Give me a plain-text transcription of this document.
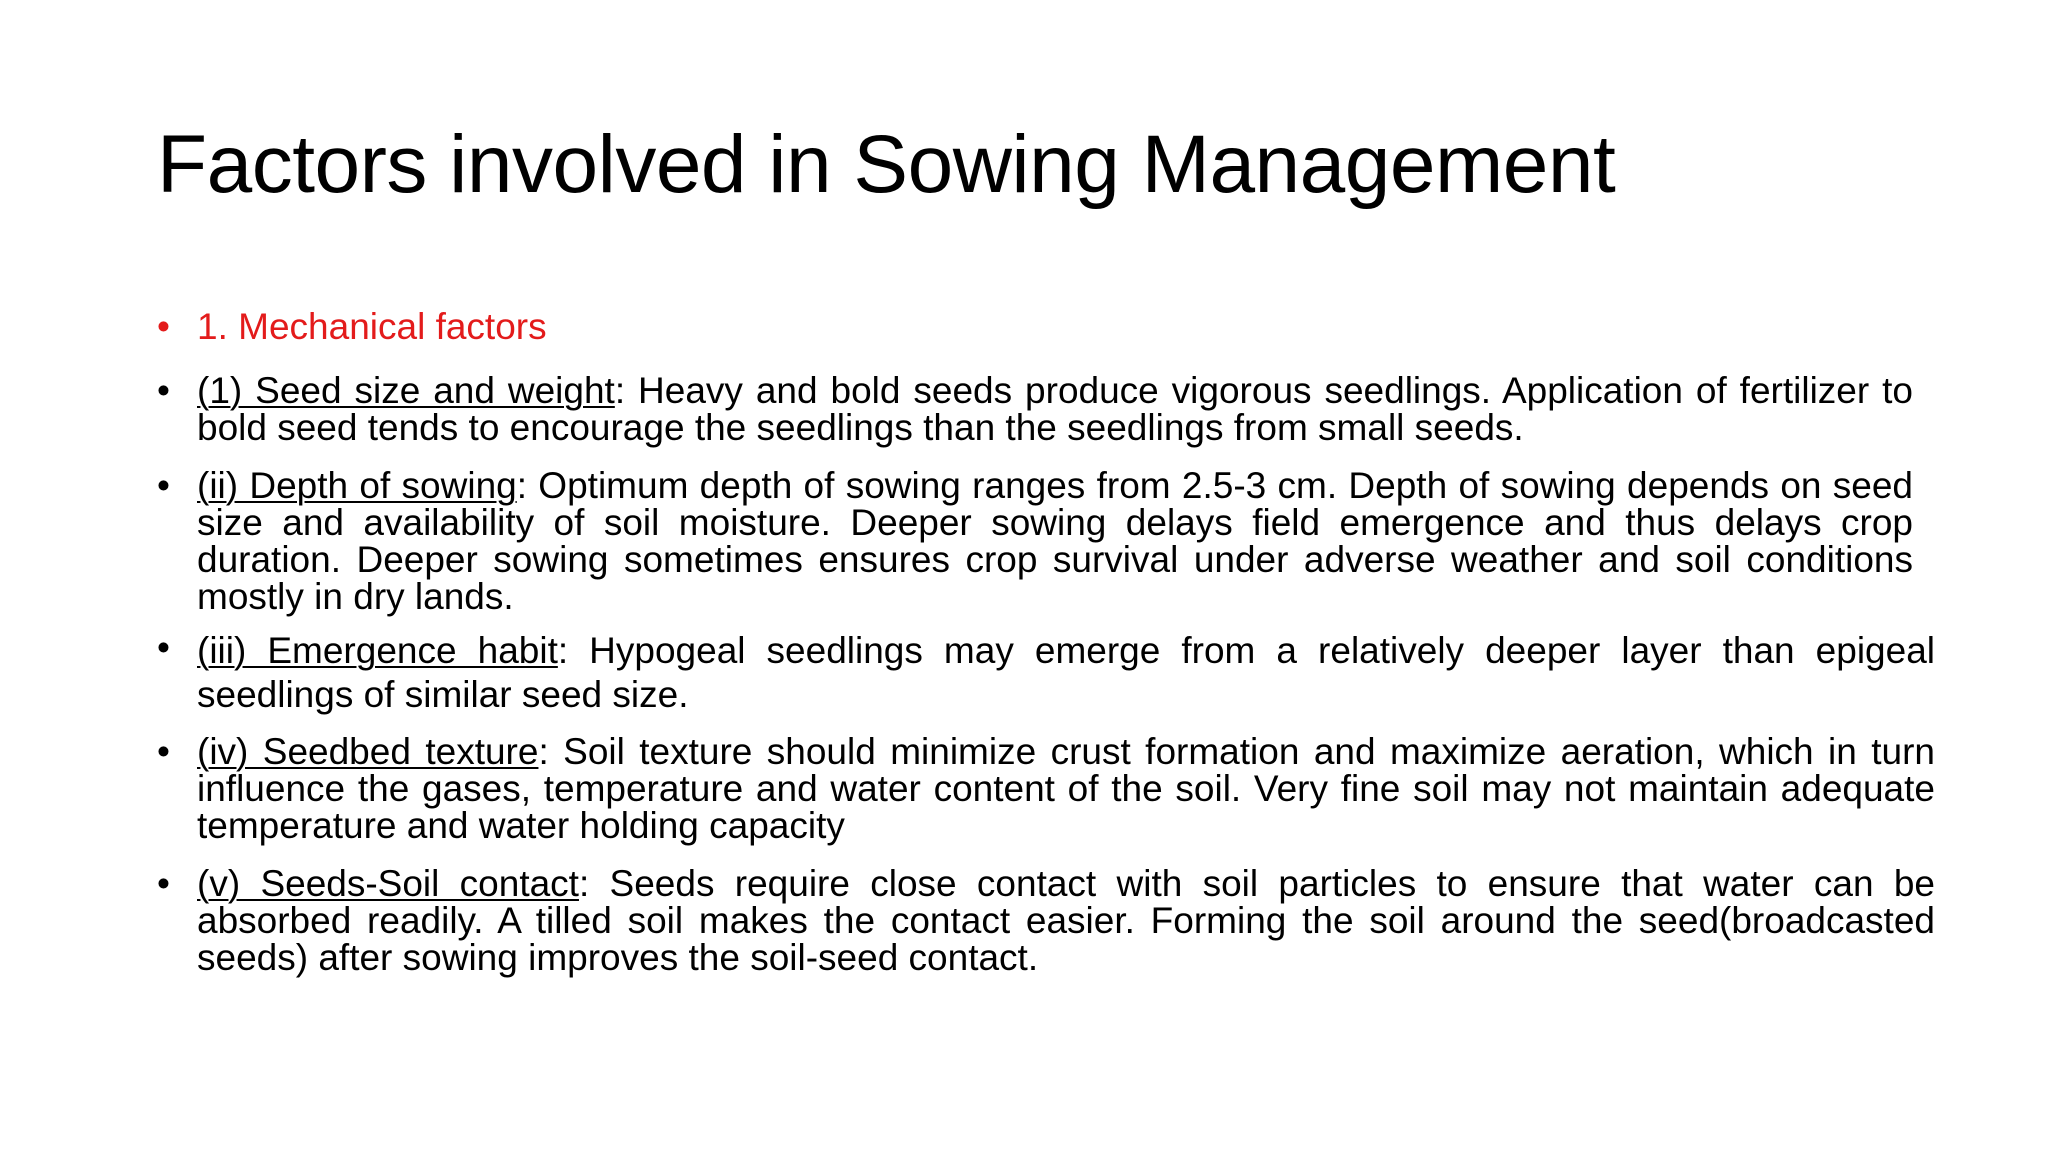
Factors involved in Sowing Management
• 1. Mechanical factors
• (1) Seed size and weight: Heavy and bold seeds produce vigorous seedlings. Application of fertilizer to bold seed tends to encourage the seedlings than the seedlings from small seeds.
• (ii) Depth of sowing: Optimum depth of sowing ranges from 2.5-3 cm. Depth of sowing depends on seed size and availability of soil moisture. Deeper sowing delays field emergence and thus delays crop duration. Deeper sowing sometimes ensures crop survival under adverse weather and soil conditions mostly in dry lands.
• (iii) Emergence habit: Hypogeal seedlings may emerge from a relatively deeper layer than epigeal seedlings of similar seed size.
• (iv) Seedbed texture: Soil texture should minimize crust formation and maximize aeration, which in turn influence the gases, temperature and water content of the soil. Very fine soil may not maintain adequate temperature and water holding capacity
• (v) Seeds-Soil contact: Seeds require close contact with soil particles to ensure that water can be absorbed readily. A tilled soil makes the contact easier. Forming the soil around the seed(broadcasted seeds) after sowing improves the soil-seed contact.
